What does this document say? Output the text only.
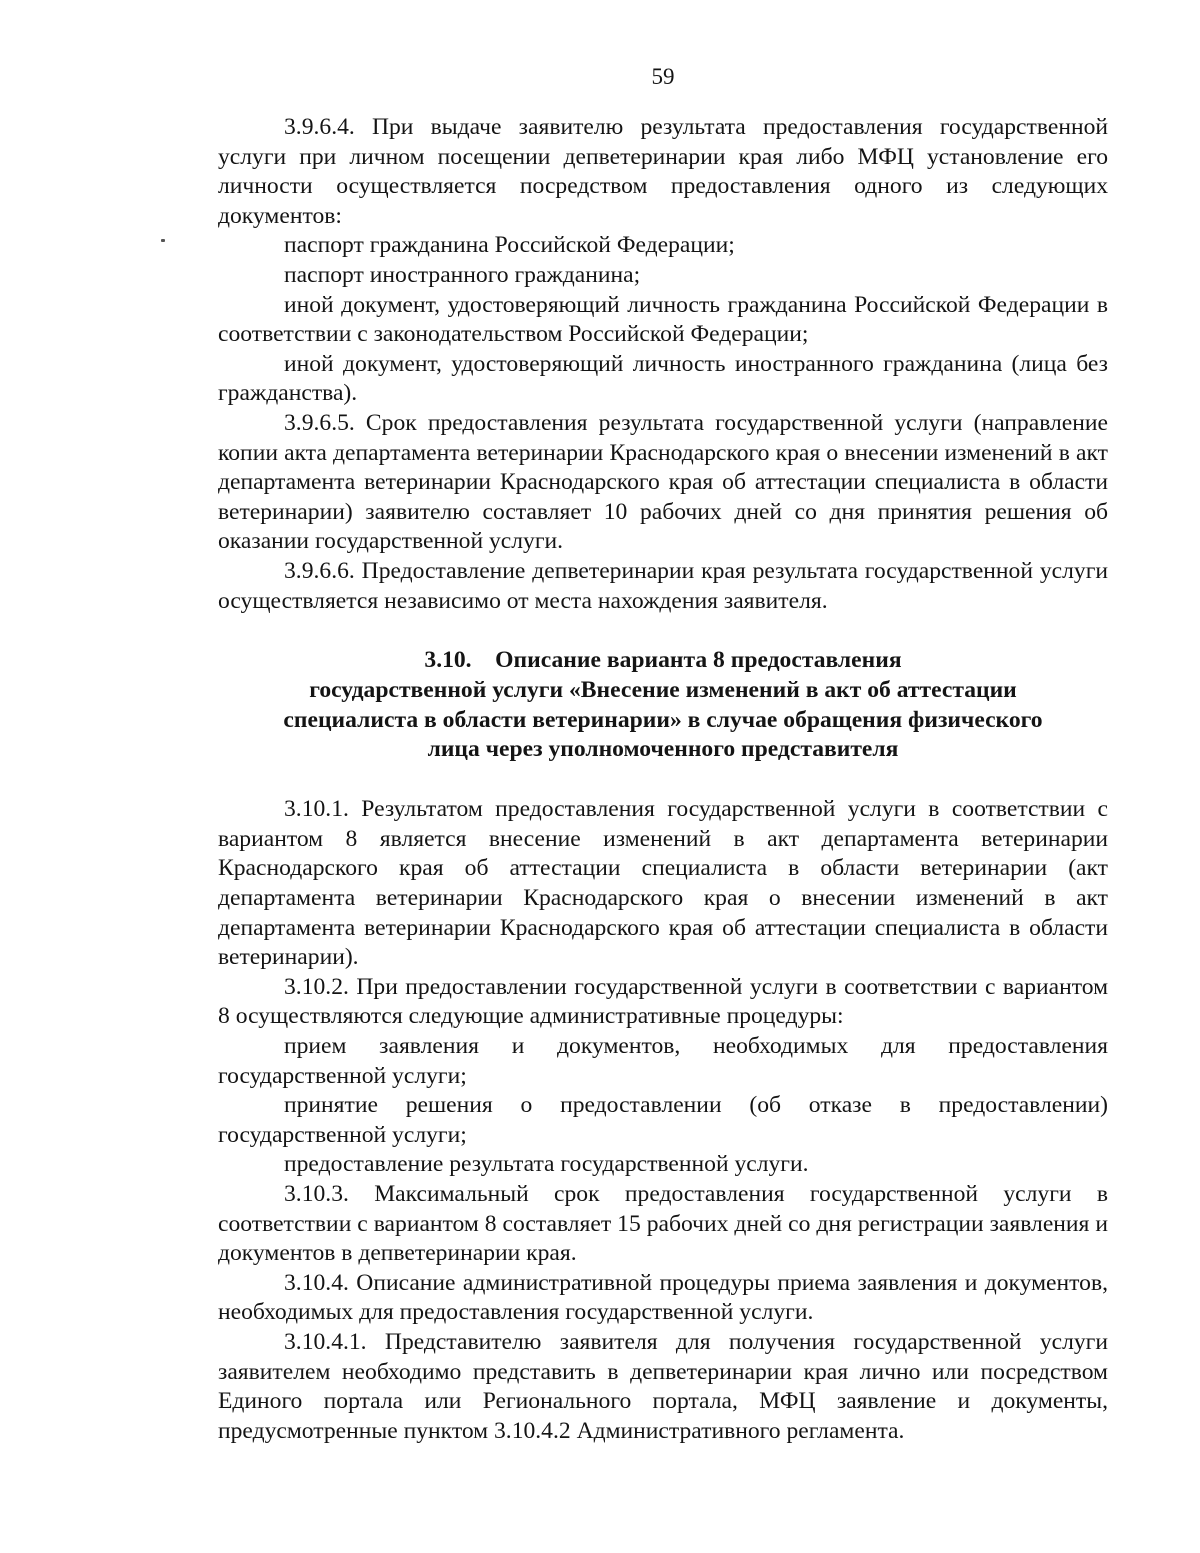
59

3.9.6.4. При выдаче заявителю результата предоставления государственной услуги при личном посещении депветеринарии края либо МФЦ установление его личности осуществляется посредством предоставления одного из следующих документов:

паспорт гражданина Российской Федерации;

паспорт иностранного гражданина;

иной документ, удостоверяющий личность гражданина Российской Федерации в соответствии с законодательством Российской Федерации;

иной документ, удостоверяющий личность иностранного гражданина (лица без гражданства).

3.9.6.5. Срок предоставления результата государственной услуги (направление копии акта департамента ветеринарии Краснодарского края о внесении изменений в акт департамента ветеринарии Краснодарского края об аттестации специалиста в области ветеринарии) заявителю составляет 10 рабочих дней со дня принятия решения об оказании государственной услуги.

3.9.6.6. Предоставление депветеринарии края результата государственной услуги осуществляется независимо от места нахождения заявителя.

3.10.    Описание варианта 8 предоставления
государственной услуги «Внесение изменений в акт об аттестации
специалиста в области ветеринарии» в случае обращения физического
лица через уполномоченного представителя

3.10.1. Результатом предоставления государственной услуги в соответствии с вариантом 8 является внесение изменений в акт департамента ветеринарии Краснодарского края об аттестации специалиста в области ветеринарии (акт департамента ветеринарии Краснодарского края о внесении изменений в акт департамента ветеринарии Краснодарского края об аттестации специалиста в области ветеринарии).

3.10.2. При предоставлении государственной услуги в соответствии с вариантом 8 осуществляются следующие административные процедуры:

прием заявления и документов, необходимых для предоставления государственной услуги;

принятие решения о предоставлении (об отказе в предоставлении) государственной услуги;

предоставление результата государственной услуги.

3.10.3. Максимальный срок предоставления государственной услуги в соответствии с вариантом 8 составляет 15 рабочих дней со дня регистрации заявления и документов в депветеринарии края.

3.10.4. Описание административной процедуры приема заявления и документов, необходимых для предоставления государственной услуги.

3.10.4.1. Представителю заявителя для получения государственной услуги заявителем необходимо представить в депветеринарии края лично или посредством Единого портала или Регионального портала, МФЦ заявление и документы, предусмотренные пунктом 3.10.4.2 Административного регламента.
